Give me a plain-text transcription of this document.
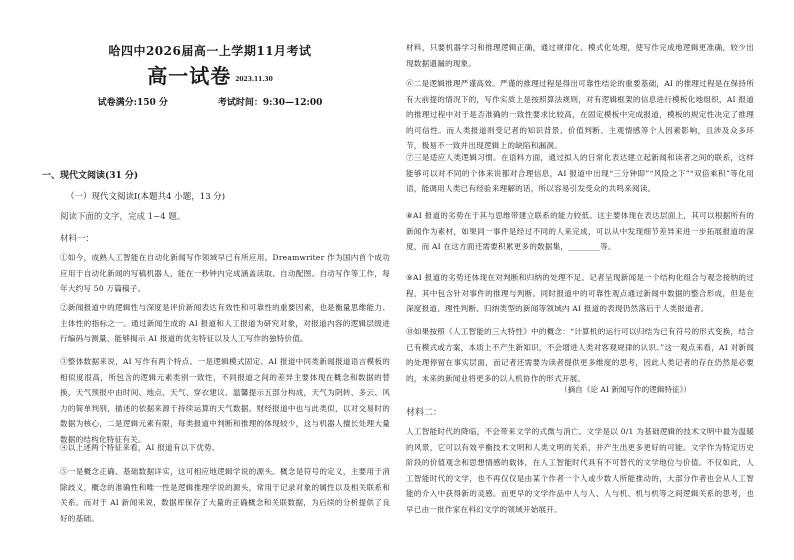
哈四中2026届高一上学期11月考试
高一试卷 2023.11.30
试卷满分:150 分	考试时间：9:30—12:00
一、现代文阅读(31 分)
（一）现代文阅读Ⅰ(本题共4 小题，13 分)
阅读下面的文字，完成 1~4 题。
材料一：
①如今，成熟人工智能在自动化新闻写作领域早已有所应用。Dreamwriter 作为国内首个成功应用于自动化新闻的写稿机器人，能在一秒钟内完成涵盖读取、自动配图、自动写作等工作，每年大约写 50 万篇稿子。
②新闻报道中的逻辑性与深度是评价新闻表达有效性和可靠性的重要因素，也是衡量思维能力、主体性的指标之一。通过新闻生成的 AI 报道和人工报道为研究对象，对报道内容的逻辑层级进行编码与测量，能够揭示 AI 报道的优劣特征以及人工写作的独特价值。
③整体数据来说，AI 写作有两个特点。一是逻辑模式固定。AI 报道中同类新闻报道语言模板的相似度很高，所包含的逻辑元素类别一致性，不同报道之间的差异主要体现在概念和数据的替换，天气预报中由时间、地点、天气、穿衣建议、温馨提示五部分构成，天气为阴转、多云、风力的简单判别，描述的依据来源于持续运算的天气数据。财经报道中也与此类似，以对交易时的数据为核心，二是逻辑元素有限，每类报道中判断和推理的体现较少，这与机器人擅长处理大量数据的结构化特征有关。
④以上述两个特征来看，AI 报道有以下优势。
⑤一是概念正确、基础数据详实，这可相应地逻辑学说的源头。概念是符号的定义，主要用于消除歧义，概念的准确性和唯一性是逻辑推理学说的源头，常用于记录对象的属性以及相关联系和关系。而对于 AI 新闻来说，数据库保存了大量的正确概念和关联数据，为后续的分析提供了良好的基础。
材料，只要机器学习和推理逻辑正确，通过规律化、模式化处理，使写作完成地逻辑更准确，较少出现数据遗漏的现象。
⑥二是逻辑推理严谨高效。严谨的推理过程是得出可靠性结论的重要基础，AI 的推理过程是在保持所有大前提的情况下的，写作实质上是按照算法规则，对有逻辑框架的信息进行模板化地组织，AI 报道的推理过程中对于是否准确的一致性要求比较高，在固定模板中完成报道，模板的规定性决定了推理的可信性。而人类报道则受记者的知识背景、价值判断、主观情感等个人因素影响，且涉及众多环节，极易不一致并出现逻辑上的缺陷和漏洞。
⑦三是适应人类逻辑习惯。在语料方面，通过拟人的日常化表达建立起新闻和读者之间的联系，这样能够可以对不同的个体来说都对合理信息，AI 报道中出现“三分钟即”“风险之下”“双倍乘积”等化用语，能调用人类已有经验来理解的话，所以容易引发受众的共鸣来阅读。
⑧AI 报道的劣势在于其与思维带建立联系的能力较低。这主要体现在表达层面上，其可以根据所有的新闻作为素材，如果同一事件是经过不同的人来完成，可以从中发现细节差异来进一步拓展报道的深度，而 AI 在这方面还需要积累更多的数据集，________等。
⑨AI 报道的劣势还体现在对判断和归纳的处理不足。记者呈现新闻是一个结构化组合与观念接纳的过程，其中包含针对事件的推理与判断。同时报道中的可靠性观点通过新闻中数据的整合形成，但是在深度报道、理性判断、归纳类型的新闻等领域内 AI 报道的表现仍然落后于人类报道者。
⑩如果按照《人工智能的三大特性》中的概念：“计算机的运行可以归结为已有符号的形式变换，结合已有模式或方案，本质上不产生新知识，不会增进人类对客观规律的认识。”这一观点来看，AI 对新闻的处理停留在事实层面，而记者还需要为读者提供更多维度的思考，因此人类记者的存在仍然是必要的，未来的新闻业将更多的以人机协作的形式开展。
（摘自《论 AI 新闻写作的逻辑特征》）
材料二：
人工智能时代的降临，不会带来文学的式微与消亡。文学是以 0/1 为基础逻辑的技术文明中最为温暖的风景，它可以有效平衡技术文明和人类文明的关系，并产生出更多更好的可能。文学作为特定历史阶段的价值观念和思想情感的载体，在人工智能时代具有不可替代的文学地位与价值。不仅如此，人工智能时代的文学，也不再仅仅是由某个作者一个人或少数人所能推动的，大部分作者也会从人工智能的介入中获得新的灵感。而更早的文学作品中人与人、人与机、机与机等之间逻辑关系的思考，也早已由一批作家在科幻文学的领域开始展开。
